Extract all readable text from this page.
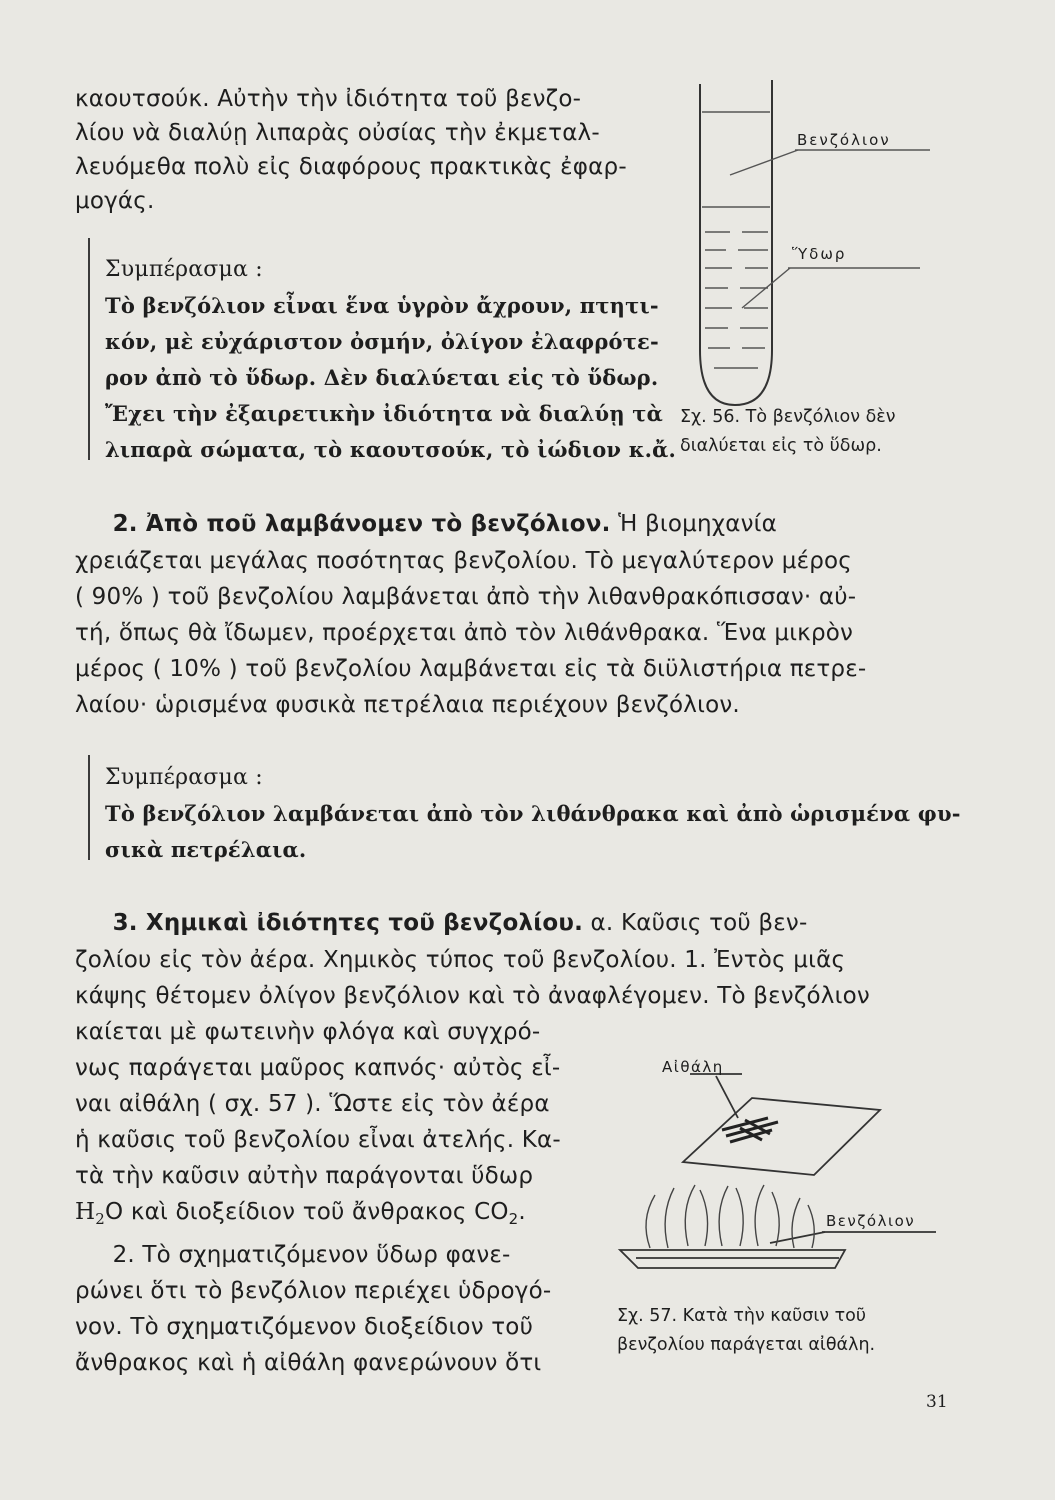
καουτσούκ. Αὐτὴν τὴν ἰδιότητα τοῦ βενζο-
λίου νὰ διαλύῃ λιπαρὰς οὐσίας τὴν ἐκμεταλ-
λευόμεθα πολὺ εἰς διαφόρους πρακτικὰς ἐφαρ-
μογάς.
Συμπέρασμα :
Τὸ βενζόλιον εἶναι ἕνα ὑγρὸν ἄχρουν, πτητι-
κόν, μὲ εὐχάριστον ὀσμήν, ὀλίγον ἐλαφρότε-
ρον ἀπὸ τὸ ὕδωρ. Δὲν διαλύεται εἰς τὸ ὕδωρ.
Ἔχει τὴν ἐξαιρετικὴν ἰδιότητα νὰ διαλύῃ τὰ
λιπαρὰ σώματα, τὸ καουτσούκ, τὸ ἰώδιον κ.ἄ.
Βενζόλιον
Ὕδωρ
Σχ. 56. Τὸ βενζόλιον δὲν
διαλύεται εἰς τὸ ὕδωρ.
2. Ἀπὸ ποῦ λαμβάνομεν τὸ βενζόλιον. Ἡ βιομηχανία
χρειάζεται μεγάλας ποσότητας βενζολίου. Τὸ μεγαλύτερον μέρος
( 90% ) τοῦ βενζολίου λαμβάνεται ἀπὸ τὴν λιθανθρακόπισσαν· αὐ-
τή, ὅπως θὰ ἴδωμεν, προέρχεται ἀπὸ τὸν λιθάνθρακα. Ἕνα μικρὸν
μέρος ( 10% ) τοῦ βενζολίου λαμβάνεται εἰς τὰ διϋλιστήρια πετρε-
λαίου· ὡρισμένα φυσικὰ πετρέλαια περιέχουν βενζόλιον.
Συμπέρασμα :
Τὸ βενζόλιον λαμβάνεται ἀπὸ τὸν λιθάνθρακα καὶ ἀπὸ ὡρισμένα φυ-
σικὰ πετρέλαια.
3. Χημικαὶ ἰδιότητες τοῦ βενζολίου. α. Καῦσις τοῦ βεν-
ζολίου εἰς τὸν ἀέρα. Χημικὸς τύπος τοῦ βενζολίου. 1. Ἐντὸς μιᾶς
κάψης θέτομεν ὀλίγον βενζόλιον καὶ τὸ ἀναφλέγομεν. Τὸ βενζόλιον
καίεται μὲ φωτεινὴν φλόγα καὶ συγχρό-
νως παράγεται μαῦρος καπνός· αὐτὸς εἶ-
ναι αἰθάλη ( σχ. 57 ). Ὥστε εἰς τὸν ἀέρα
ἡ καῦσις τοῦ βενζολίου εἶναι ἀτελής. Κα-
τὰ τὴν καῦσιν αὐτὴν παράγονται ὕδωρ
$H_2O$ καὶ διοξείδιον τοῦ ἄνθρακος $CO_2$.
2. Τὸ σχηματιζόμενον ὕδωρ φανε-
ρώνει ὅτι τὸ βενζόλιον περιέχει ὑδρογό-
νον. Τὸ σχηματιζόμενον διοξείδιον τοῦ
ἄνθρακος καὶ ἡ αἰθάλη φανερώνουν ὅτι
Αἰθάλη
Βενζόλιον
Σχ. 57. Κατὰ τὴν καῦσιν τοῦ
βενζολίου παράγεται αἰθάλη.
31
